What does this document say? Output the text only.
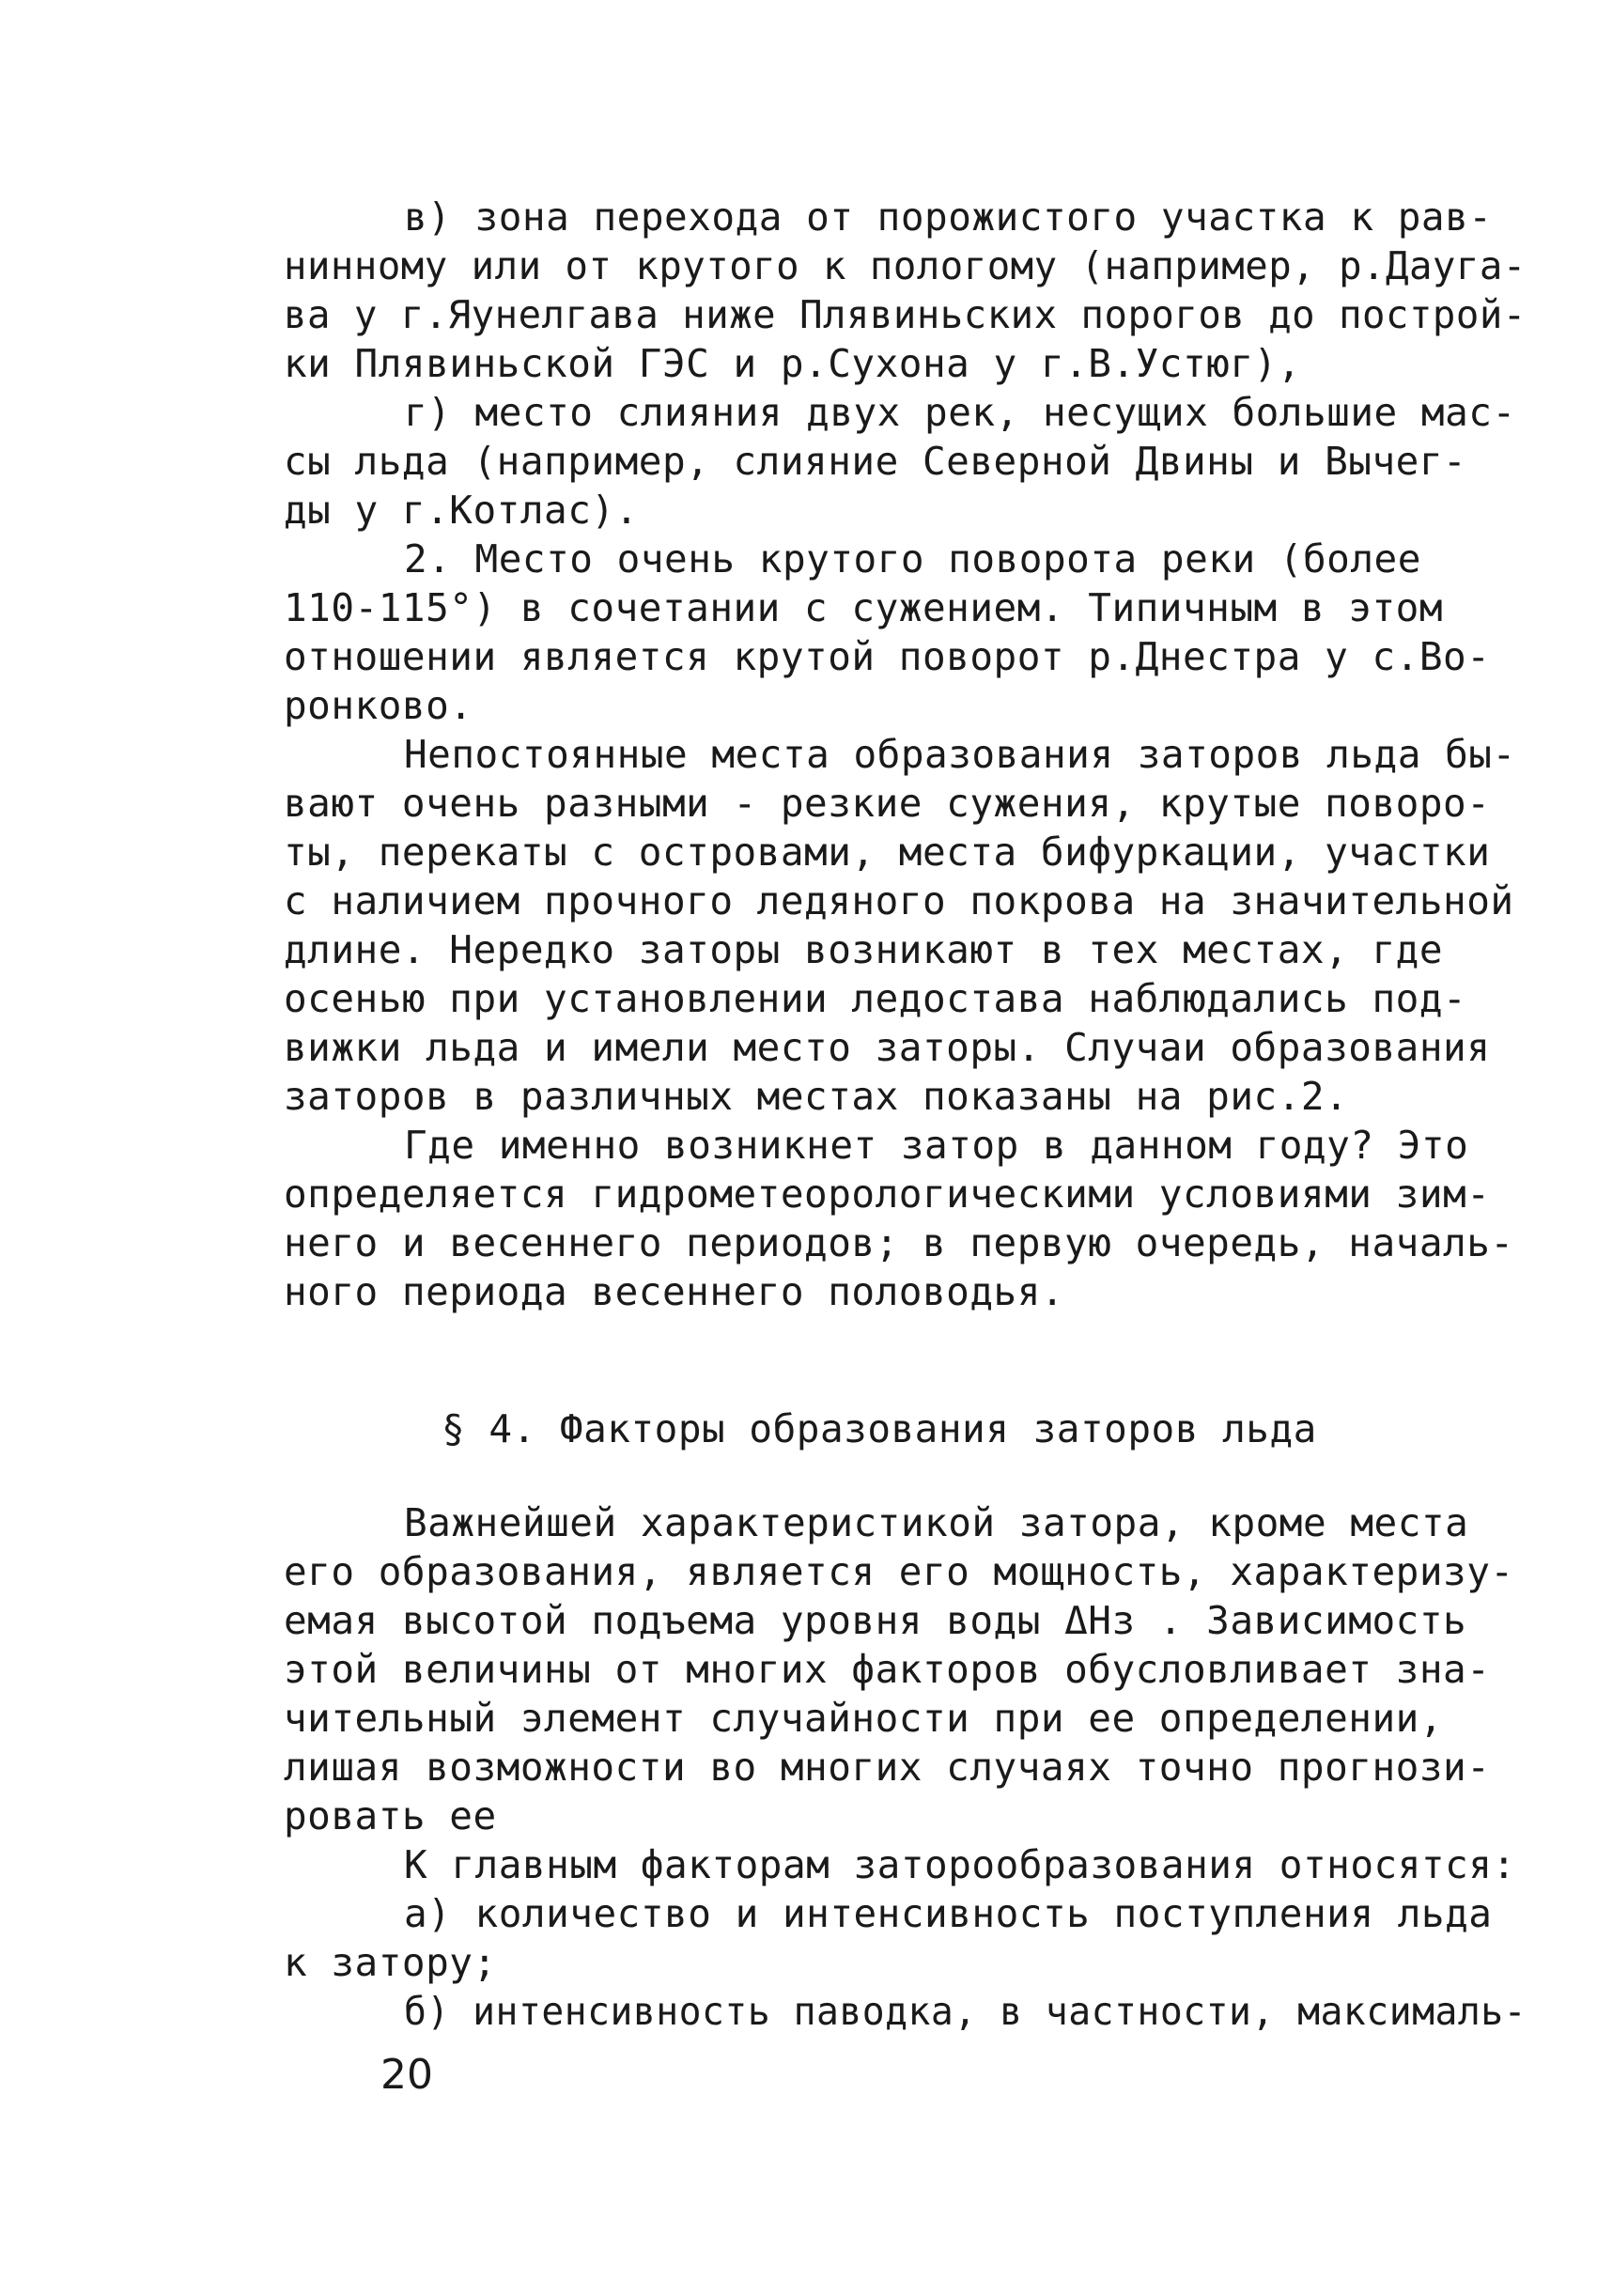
в) зона перехода от порожистого участка к рав-
нинному или от крутого к пологому (например, р.Даугa-
ва у г.Яунелгава ниже Плявиньских порогов до построй-
ки Плявиньской ГЭС и р.Сухона у г.В.Устюг),
г) место слияния двух рек, несущих большие мас-
сы льда (например, слияние Северной Двины и Вычег-
ды у г.Котлас).
2. Место очень крутого поворота реки (более
110-115°) в сочетании с сужением. Типичным в этом
отношении является крутой поворот р.Днестра у с.Во-
ронково.
Непостоянные места образования заторов льда бы-
вают очень разными - резкие сужения, крутые повоpo-
ты, перекаты с островами, места бифуркации, участки
с наличием прочного ледяного покрова на значительной
длине. Нередко заторы возникают в тех местах, где
осенью при установлении ледостава наблюдались под-
вижки льда и имели место заторы. Случаи образования
заторов в различных местах показаны на рис.2.
Где именно возникнет затор в данном году? Это
определяется гидрометеорологическими условиями зим-
него и весеннего периодов; в первую очередь, началь-
ного периода весеннего половодья.
§ 4. Факторы образования заторов льда
Важнейшей характеристикой затора, кроме места
его образования, является его мощность, характеризу-
емая высотой подъема уровня воды ΔHз . Зависимость
этой величины от многих факторов обусловливает зна-
чительный элемент случайности при ее определении,
лишая возможности во многих случаях точно прогнози-
ровать ее
К главным факторам заторообразования относятся:
а) количество и интенсивность поступления льда
к затору;
б) интенсивность паводка, в частности, максималь-
20
